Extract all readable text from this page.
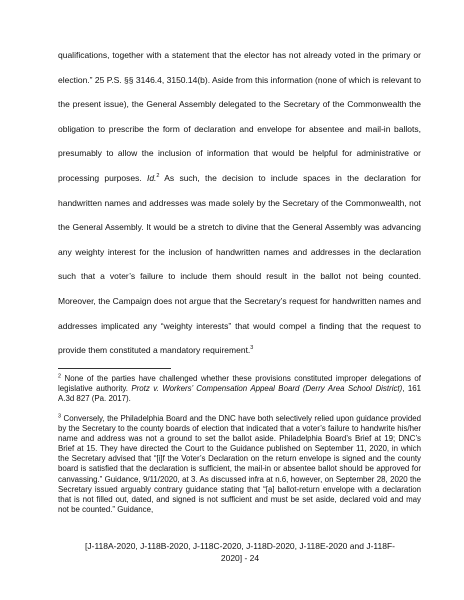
qualifications, together with a statement that the elector has not already voted in the primary or election.” 25 P.S. §§ 3146.4, 3150.14(b). Aside from this information (none of which is relevant to the present issue), the General Assembly delegated to the Secretary of the Commonwealth the obligation to prescribe the form of declaration and envelope for absentee and mail-in ballots, presumably to allow the inclusion of information that would be helpful for administrative or processing purposes. Id.$^2$ As such, the decision to include spaces in the declaration for handwritten names and addresses was made solely by the Secretary of the Commonwealth, not the General Assembly. It would be a stretch to divine that the General Assembly was advancing any weighty interest for the inclusion of handwritten names and addresses in the declaration such that a voter’s failure to include them should result in the ballot not being counted. Moreover, the Campaign does not argue that the Secretary’s request for handwritten names and addresses implicated any “weighty interests” that would compel a finding that the request to provide them constituted a mandatory requirement.$^3$

$^2$ None of the parties have challenged whether these provisions constituted improper delegations of legislative authority. Protz v. Workers’ Compensation Appeal Board (Derry Area School District), 161 A.3d 827 (Pa. 2017).

$^3$ Conversely, the Philadelphia Board and the DNC have both selectively relied upon guidance provided by the Secretary to the county boards of election that indicated that a voter’s failure to handwrite his/her name and address was not a ground to set the ballot aside. Philadelphia Board’s Brief at 19; DNC’s Brief at 15. They have directed the Court to the Guidance published on September 11, 2020, in which the Secretary advised that “[i]f the Voter’s Declaration on the return envelope is signed and the county board is satisfied that the declaration is sufficient, the mail-in or absentee ballot should be approved for canvassing.” Guidance, 9/11/2020, at 3. As discussed infra at n.6, however, on September 28, 2020 the Secretary issued arguably contrary guidance stating that “[a] ballot-return envelope with a declaration that is not filled out, dated, and signed is not sufficient and must be set aside, declared void and may not be counted.” Guidance,

[J-118A-2020, J-118B-2020, J-118C-2020, J-118D-2020, J-118E-2020 and J-118F-
2020] - 24
